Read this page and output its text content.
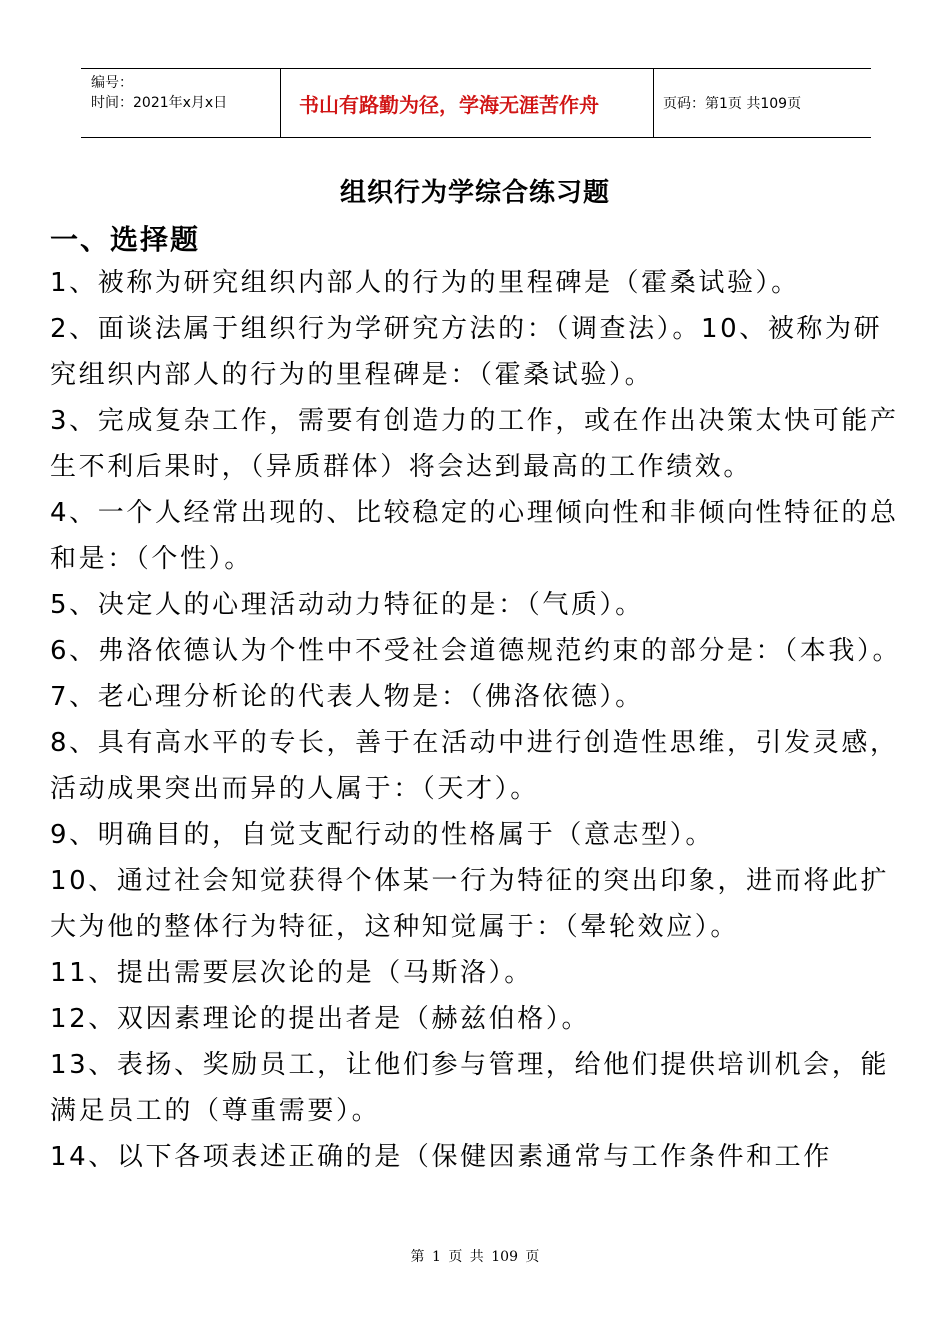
编号：
时间：2021年x月x日	书山有路勤为径，学海无涯苦作舟	页码：第1页 共109页
组织行为学综合练习题
一、选择题

1、被称为研究组织内部人的行为的里程碑是（霍桑试验）。

2、面谈法属于组织行为学研究方法的：（调查法）。10、被称为研究组织内部人的行为的里程碑是：（霍桑试验）。

3、完成复杂工作，需要有创造力的工作，或在作出决策太快可能产生不利后果时，（异质群体）将会达到最高的工作绩效。

4、一个人经常出现的、比较稳定的心理倾向性和非倾向性特征的总和是：（个性）。

5、决定人的心理活动动力特征的是：（气质）。

6、弗洛依德认为个性中不受社会道德规范约束的部分是：（本我）。

7、老心理分析论的代表人物是：（佛洛依德）。

8、具有高水平的专长，善于在活动中进行创造性思维，引发灵感，活动成果突出而异的人属于：（天才）。

9、明确目的，自觉支配行动的性格属于（意志型）。

10、通过社会知觉获得个体某一行为特征的突出印象，进而将此扩大为他的整体行为特征，这种知觉属于：（晕轮效应）。

11、提出需要层次论的是（马斯洛）。

12、双因素理论的提出者是（赫兹伯格）。

13、表扬、奖励员工，让他们参与管理，给他们提供培训机会，能满足员工的（尊重需要）。

14、以下各项表述正确的是（保健因素通常与工作条件和工作

第 1 页 共 109 页
